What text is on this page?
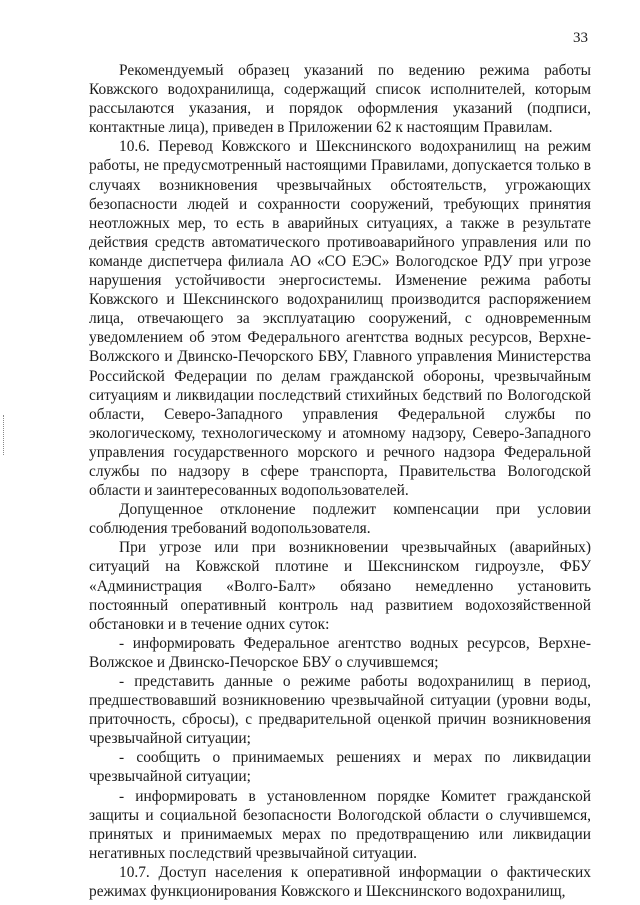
33

Рекомендуемый образец указаний по ведению режима работы Ковжского водохранилища, содержащий список исполнителей, которым рассылаются указания, и порядок оформления указаний (подписи, контактные лица), приведен в Приложении 62 к настоящим Правилам.

10.6. Перевод Ковжского и Шекснинского водохранилищ на режим работы, не предусмотренный настоящими Правилами, допускается только в случаях возникновения чрезвычайных обстоятельств, угрожающих безопасности людей и сохранности сооружений, требующих принятия неотложных мер, то есть в аварийных ситуациях, а также в результате действия средств автоматического противоаварийного управления или по команде диспетчера филиала АО «СО ЕЭС» Вологодское РДУ при угрозе нарушения устойчивости энергосистемы. Изменение режима работы Ковжского и Шекснинского водохранилищ производится распоряжением лица, отвечающего за эксплуатацию сооружений, с одновременным уведомлением об этом Федерального агентства водных ресурсов, Верхне-Волжского и Двинско-Печорского БВУ, Главного управления Министерства Российской Федерации по делам гражданской обороны, чрезвычайным ситуациям и ликвидации последствий стихийных бедствий по Вологодской области, Северо-Западного управления Федеральной службы по экологическому, технологическому и атомному надзору, Северо-Западного управления государственного морского и речного надзора Федеральной службы по надзору в сфере транспорта, Правительства Вологодской области и заинтересованных водопользователей.

Допущенное отклонение подлежит компенсации при условии соблюдения требований водопользователя.

При угрозе или при возникновении чрезвычайных (аварийных) ситуаций на Ковжской плотине и Шекснинском гидроузле, ФБУ «Администрация «Волго-Балт» обязано немедленно установить постоянный оперативный контроль над развитием водохозяйственной обстановки и в течение одних суток:

- информировать Федеральное агентство водных ресурсов, Верхне-Волжское и Двинско-Печорское БВУ о случившемся;

- представить данные о режиме работы водохранилищ в период, предшествовавший возникновению чрезвычайной ситуации (уровни воды, приточность, сбросы), с предварительной оценкой причин возникновения чрезвычайной ситуации;

- сообщить о принимаемых решениях и мерах по ликвидации чрезвычайной ситуации;

- информировать в установленном порядке Комитет гражданской защиты и социальной безопасности Вологодской области о случившемся, принятых и принимаемых мерах по предотвращению или ликвидации негативных последствий чрезвычайной ситуации.

10.7. Доступ населения к оперативной информации о фактических режимах функционирования Ковжского и Шекснинского водохранилищ,
